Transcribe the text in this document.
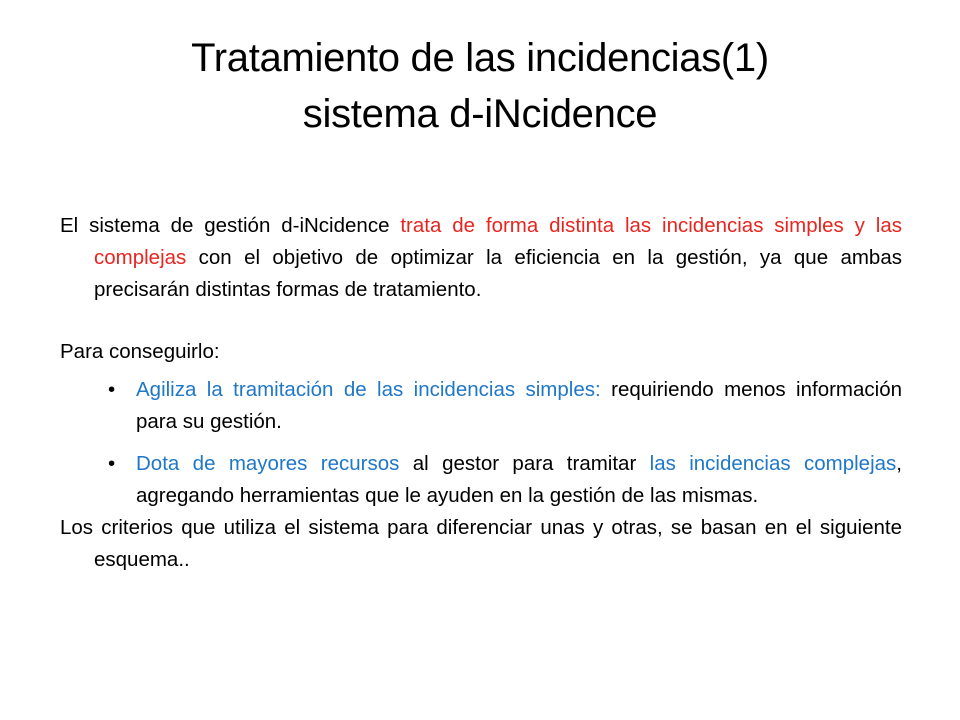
Tratamiento de las incidencias(1)
sistema d-iNcidence

El sistema de gestión d-iNcidence trata de forma distinta las incidencias simples y las complejas con el objetivo de optimizar la eficiencia en la gestión, ya que ambas precisarán distintas formas de tratamiento.

Para conseguirlo:

• Agiliza la tramitación de las incidencias simples: requiriendo menos información para su gestión.

• Dota de mayores recursos al gestor para tramitar las incidencias complejas, agregando herramientas que le ayuden en la gestión de las mismas.

Los criterios que utiliza el sistema para diferenciar unas y otras, se basan en el siguiente esquema..
